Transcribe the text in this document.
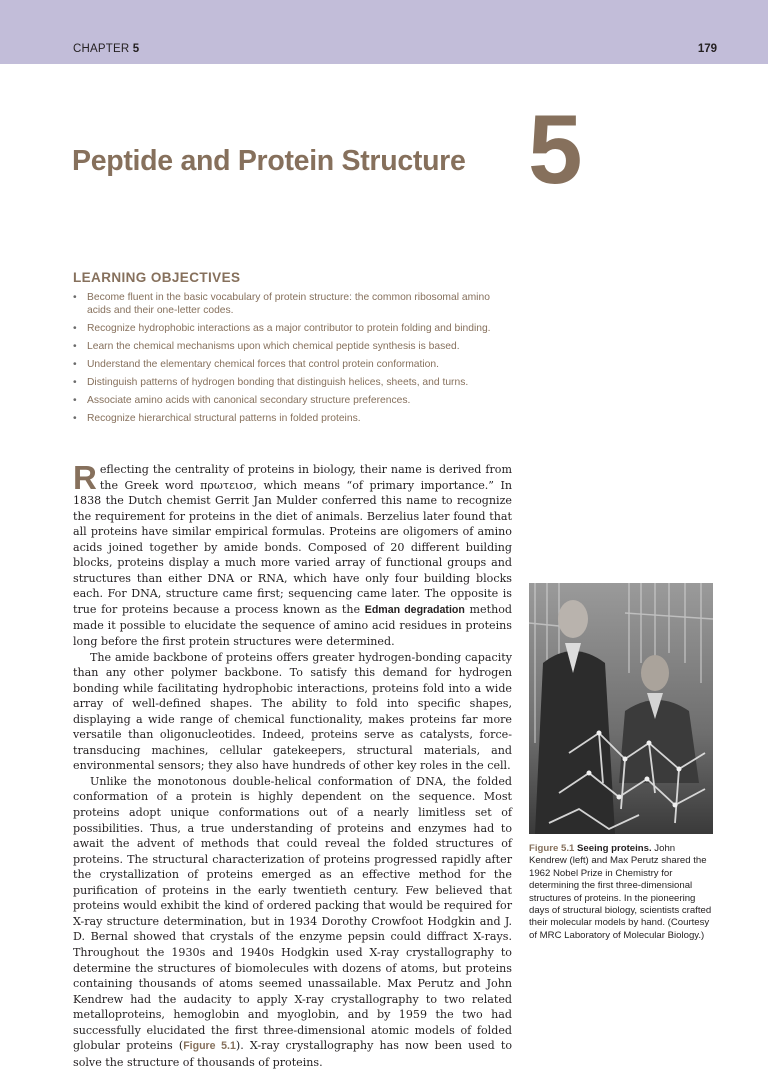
CHAPTER 5	179
5
Peptide and Protein Structure
LEARNING OBJECTIVES
• Become fluent in the basic vocabulary of protein structure: the common ribosomal amino acids and their one-letter codes.
• Recognize hydrophobic interactions as a major contributor to protein folding and binding.
• Learn the chemical mechanisms upon which chemical peptide synthesis is based.
• Understand the elementary chemical forces that control protein conformation.
• Distinguish patterns of hydrogen bonding that distinguish helices, sheets, and turns.
• Associate amino acids with canonical secondary structure preferences.
• Recognize hierarchical structural patterns in folded proteins.

Reflecting the centrality of proteins in biology, their name is derived from the Greek word πρωτειοσ, which means “of primary importance.” In 1838 the Dutch chemist Gerrit Jan Mulder conferred this name to recognize the requirement for proteins in the diet of animals. Berzelius later found that all proteins have similar empirical formulas. Proteins are oligomers of amino acids joined together by amide bonds. Composed of 20 different building blocks, proteins display a much more varied array of functional groups and structures than either DNA or RNA, which have only four building blocks each. For DNA, structure came first; sequencing came later. The opposite is true for proteins because a process known as the Edman degradation method made it possible to elucidate the sequence of amino acid residues in proteins long before the first protein structures were determined.

The amide backbone of proteins offers greater hydrogen-bonding capacity than any other polymer backbone. To satisfy this demand for hydrogen bonding while facilitating hydrophobic interactions, proteins fold into a wide array of well-defined shapes. The ability to fold into specific shapes, displaying a wide range of chemical functionality, makes proteins far more versatile than oligonucleotides. Indeed, proteins serve as catalysts, force-transducing machines, cellular gatekeepers, structural materials, and environmental sensors; they also have hundreds of other key roles in the cell.

Unlike the monotonous double-helical conformation of DNA, the folded conformation of a protein is highly dependent on the sequence. Most proteins adopt unique conformations out of a nearly limitless set of possibilities. Thus, a true understanding of proteins and enzymes had to await the advent of methods that could reveal the folded structures of proteins. The structural characterization of proteins progressed rapidly after the crystallization of proteins emerged as an effective method for the purification of proteins in the early twentieth century. Few believed that proteins would exhibit the kind of ordered packing that would be required for X-ray structure determination, but in 1934 Dorothy Crowfoot Hodgkin and J. D. Bernal showed that crystals of the enzyme pepsin could diffract X-rays. Throughout the 1930s and 1940s Hodgkin used X-ray crystallography to determine the structures of biomolecules with dozens of atoms, but proteins containing thousands of atoms seemed unassailable. Max Perutz and John Kendrew had the audacity to apply X-ray crystallography to two related metalloproteins, hemoglobin and myoglobin, and by 1959 the two had successfully elucidated the first three-dimensional atomic models of folded globular proteins (Figure 5.1). X-ray crystallography has now been used to solve the structure of thousands of proteins.

Figure 5.1 Seeing proteins. John Kendrew (left) and Max Perutz shared the 1962 Nobel Prize in Chemistry for determining the first three-dimensional structures of proteins. In the pioneering days of structural biology, scientists crafted their molecular models by hand. (Courtesy of MRC Laboratory of Molecular Biology.)
